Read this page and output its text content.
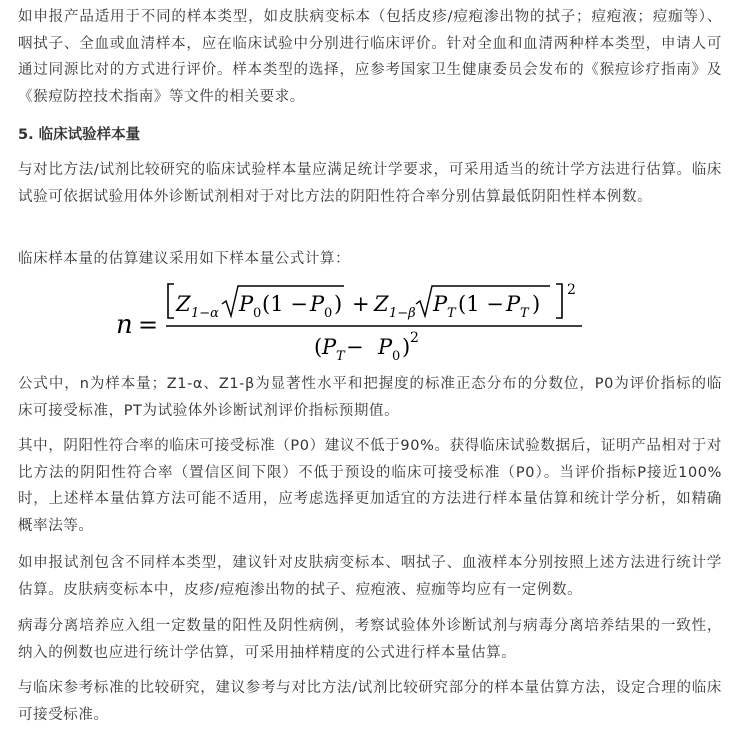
如申报产品适用于不同的样本类型，如皮肤病变标本（包括皮疹/痘疱渗出物的拭子；痘疱液；痘痂等）、咽拭子、全血或血清样本，应在临床试验中分别进行临床评价。针对全血和血清两种样本类型，申请人可通过同源比对的方式进行评价。样本类型的选择，应参考国家卫生健康委员会发布的《猴痘诊疗指南》及《猴痘防控技术指南》等文件的相关要求。

5. 临床试验样本量

与对比方法/试剂比较研究的临床试验样本量应满足统计学要求，可采用适当的统计学方法进行估算。临床试验可依据试验用体外诊断试剂相对于对比方法的阴阳性符合率分别估算最低阴阳性样本例数。

临床样本量的估算建议采用如下样本量公式计算：

n =
Z 1−α P 0 (1 − P 0 ) + Z 1−β P T (1 − P T )
2
( P T − P 0 ) 2

公式中，n为样本量；Z1-α、Z1-β为显著性水平和把握度的标准正态分布的分数位，P0为评价指标的临床可接受标准，PT为试验体外诊断试剂评价指标预期值。

其中，阴阳性符合率的临床可接受标准（P0）建议不低于90%。获得临床试验数据后，证明产品相对于对比方法的阴阳性符合率（置信区间下限）不低于预设的临床可接受标准（P0）。当评价指标P接近100%时，上述样本量估算方法可能不适用，应考虑选择更加适宜的方法进行样本量估算和统计学分析，如精确概率法等。

如申报试剂包含不同样本类型，建议针对皮肤病变标本、咽拭子、血液样本分别按照上述方法进行统计学估算。皮肤病变标本中，皮疹/痘疱渗出物的拭子、痘疱液、痘痂等均应有一定例数。

病毒分离培养应入组一定数量的阳性及阴性病例，考察试验体外诊断试剂与病毒分离培养结果的一致性，纳入的例数也应进行统计学估算，可采用抽样精度的公式进行样本量估算。

与临床参考标准的比较研究，建议参考与对比方法/试剂比较研究部分的样本量估算方法，设定合理的临床可接受标准。
